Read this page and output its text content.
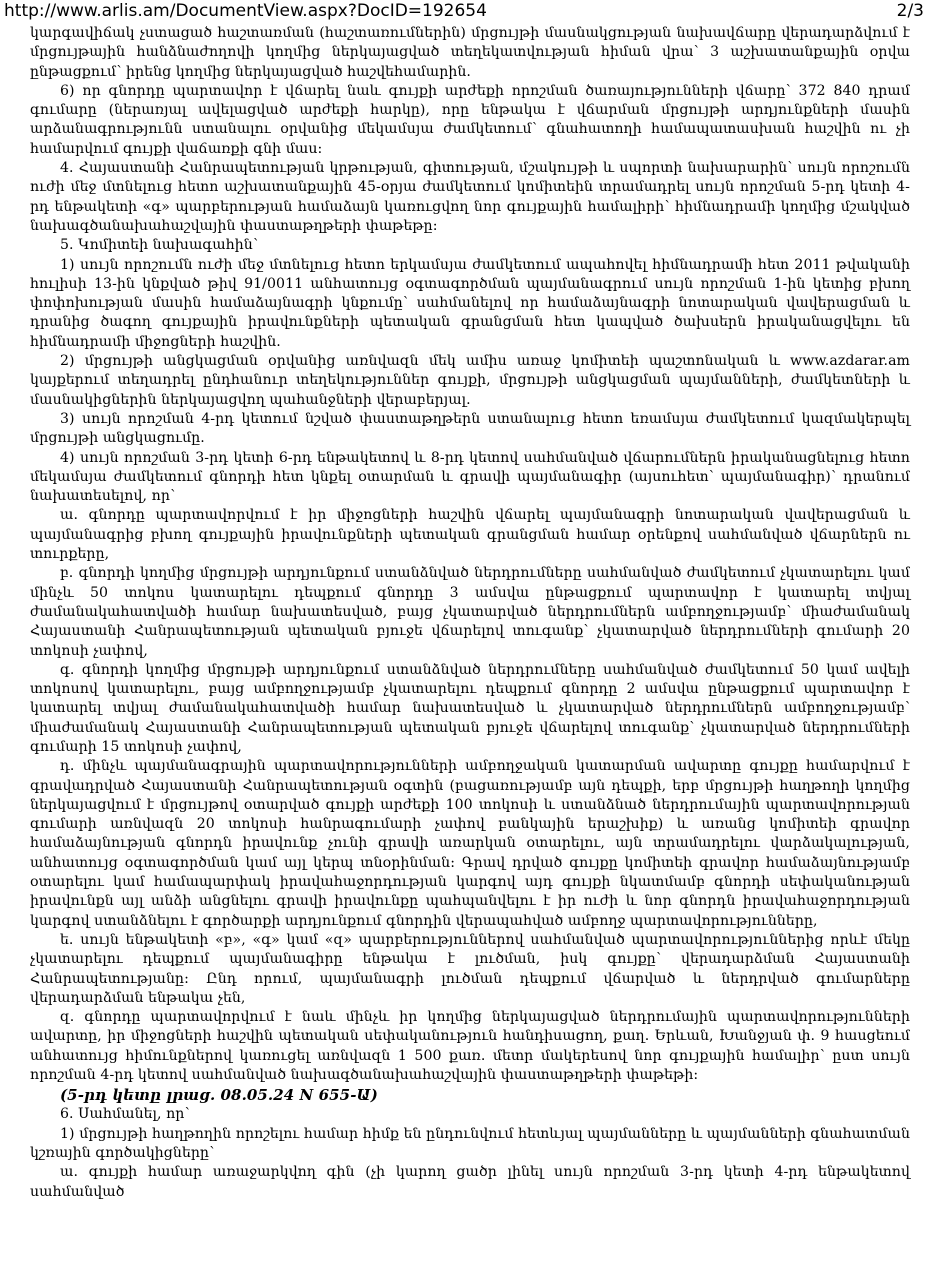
http://www.arlis.am/DocumentView.aspx?DocID=192654	2/3

կարգավիճակ չստացած հաշտառման (հաշտառումներին) մրցույթի մասնակցության նախավճարը վերադարձվում է մրցույթային հանձնաժողովի կողմից ներկայացված տեղեկատվության հիման վրա՝ 3 աշխատանքային օրվա ընթացքում՝ իրենց կողմից ներկայացված հաշվեհամարին.

6) որ գնորդը պարտավոր է վճարել նաև գույքի արժեքի որոշման ծառայությունների վճարը՝ 372 840 դրամ գումարը (ներառյալ ավելացված արժեքի հարկը), որը ենթակա է վճարման մրցույթի արդյունքների մասին արձանագրությունն ստանալու օրվանից մեկամսյա ժամկետում՝ գնահատողի համապատասխան հաշվին ու չի համարվում գույքի վաճառքի գնի մաս:

4. Հայաստանի Հանրապետության կրթության, գիտության, մշակույթի և սպորտի նախարարին՝ սույն որոշումն ուժի մեջ մտնելուց հետո աշխատանքային 45-օրյա ժամկետում կոմիտեին տրամադրել սույն որոշման 5-րդ կետի 4-րդ ենթակետի «գ» պարբերության համաձայն կառուցվող նոր գույքային համալիրի՝ հիմնադրամի կողմից մշակված նախագծանախահաշվային փաստաթղթերի փաթեթը:

5. Կոմիտեի նախագահին՝

1) սույն որոշումն ուժի մեջ մտնելուց հետո երկամսյա ժամկետում ապահովել հիմնադրամի հետ 2011 թվականի հուլիսի 13-ին կնքված թիվ 91/0011 անհատույց օգտագործման պայմանագրում սույն որոշման 1-ին կետից բխող փոփոխության մասին համաձայնագրի կնքումը՝ սահմանելով որ համաձայնագրի նոտարական վավերացման և դրանից ծագող գույքային իրավունքների պետական գրանցման հետ կապված ծախսերն իրականացվելու են հիմնադրամի միջոցների հաշվին.

2) մրցույթի անցկացման օրվանից առնվազն մեկ ամիս առաջ կոմիտեի պաշտոնական և www.azdarar.am կայքերում տեղադրել ընդհանուր տեղեկություններ գույքի, մրցույթի անցկացման պայմանների, ժամկետների և մասնակիցներին ներկայացվող պահանջների վերաբերյալ.

3) սույն որոշման 4-րդ կետում նշված փաստաթղթերն ստանալուց հետո եռամսյա ժամկետում կազմակերպել մրցույթի անցկացումը.

4) սույն որոշման 3-րդ կետի 6-րդ ենթակետով և 8-րդ կետով սահմանված վճարումներն իրականացնելուց հետո մեկամսյա ժամկետում գնորդի հետ կնքել օտարման և գրավի պայմանագիր (այսուհետ՝ պայմանագիր)՝ դրանում նախատեսելով, որ՝

ա. գնորդը պարտավորվում է իր միջոցների հաշվին վճարել պայմանագրի նոտարական վավերացման և պայմանագրից բխող գույքային իրավունքների պետական գրանցման համար օրենքով սահմանված վճարներն ու տուրքերը,

բ. գնորդի կողմից մրցույթի արդյունքում ստանձնված ներդրումները սահմանված ժամկետում չկատարելու կամ մինչև 50 տոկոս կատարելու դեպքում գնորդը 3 ամսվա ընթացքում պարտավոր է կատարել տվյալ ժամանակահատվածի համար նախատեսված, բայց չկատարված ներդրումներն ամբողջությամբ՝ միաժամանակ Հայաստանի Հանրապետության պետական բյուջե վճարելով տուգանք՝ չկատարված ներդրումների գումարի 20 տոկոսի չափով,

գ. գնորդի կողմից մրցույթի արդյունքում ստանձնված ներդրումները սահմանված ժամկետում 50 կամ ավելի տոկոսով կատարելու, բայց ամբողջությամբ չկատարելու դեպքում գնորդը 2 ամսվա ընթացքում պարտավոր է կատարել տվյալ ժամանակահատվածի համար նախատեսված և չկատարված ներդրումներն ամբողջությամբ՝ միաժամանակ Հայաստանի Հանրապետության պետական բյուջե վճարելով տուգանք՝ չկատարված ներդրումների գումարի 15 տոկոսի չափով,

դ. մինչև պայմանագրային պարտավորությունների ամբողջական կատարման ավարտը գույքը համարվում է գրավադրված Հայաստանի Հանրապետության օգտին (բացառությամբ այն դեպքի, երբ մրցույթի հաղթողի կողմից ներկայացվում է մրցույթով օտարված գույքի արժեքի 100 տոկոսի և ստանձնած ներդրումային պարտավորության գումարի առնվազն 20 տոկոսի հանրագումարի չափով բանկային երաշխիք) և առանց կոմիտեի գրավոր համաձայնության գնորդն իրավունք չունի գրավի առարկան օտարելու, այն տրամադրելու վարձակալության, անհատույց օգտագործման կամ այլ կերպ տնօրինման: Գրավ դրված գույքը կոմիտեի գրավոր համաձայնությամբ օտարելու կամ համապարփակ իրավահաջորդության կարգով այդ գույքի նկատմամբ գնորդի սեփականության իրավունքն այլ անձի անցնելու գրավի իրավունքը պահպանվելու է իր ուժի և նոր գնորդն իրավահաջորդության կարգով ստանձնելու է գործարքի արդյունքում գնորդին վերապահված ամբողջ պարտավորությունները,

ե. սույն ենթակետի «բ», «գ» կամ «զ» պարբերություններով սահմանված պարտավորություններից որևէ մեկը չկատարելու դեպքում պայմանագիրը ենթակա է լուծման, իսկ գույքը՝ վերադարձման Հայաստանի Հանրապետությանը: Ընդ որում, պայմանագրի լուծման դեպքում վճարված և ներդրված գումարները վերադարձման ենթակա չեն,

զ. գնորդը պարտավորվում է նաև մինչև իր կողմից ներկայացված ներդրումային պարտավորությունների ավարտը, իր միջոցների հաշվին պետական սեփականություն հանդիսացող, քաղ. Երևան, Խանջյան փ. 9 հասցեում անհատույց հիմունքներով կառուցել առնվազն 1 500 քառ. մետր մակերեսով նոր գույքային համալիր՝ ըստ սույն որոշման 4-րդ կետով սահմանված նախագծանախահաշվային փաստաթղթերի փաթեթի:

(5-րդ կետը լրաց. 08.05.24 N 655-Ա)

6. Սահմանել, որ՝

1) մրցույթի հաղթողին որոշելու համար հիմք են ընդունվում հետևյալ պայմանները և պայմանների գնահատման կշռային գործակիցները՝

ա. գույքի համար առաջարկվող գին (չի կարող ցածր լինել սույն որոշման 3-րդ կետի 4-րդ ենթակետով սահմանված
